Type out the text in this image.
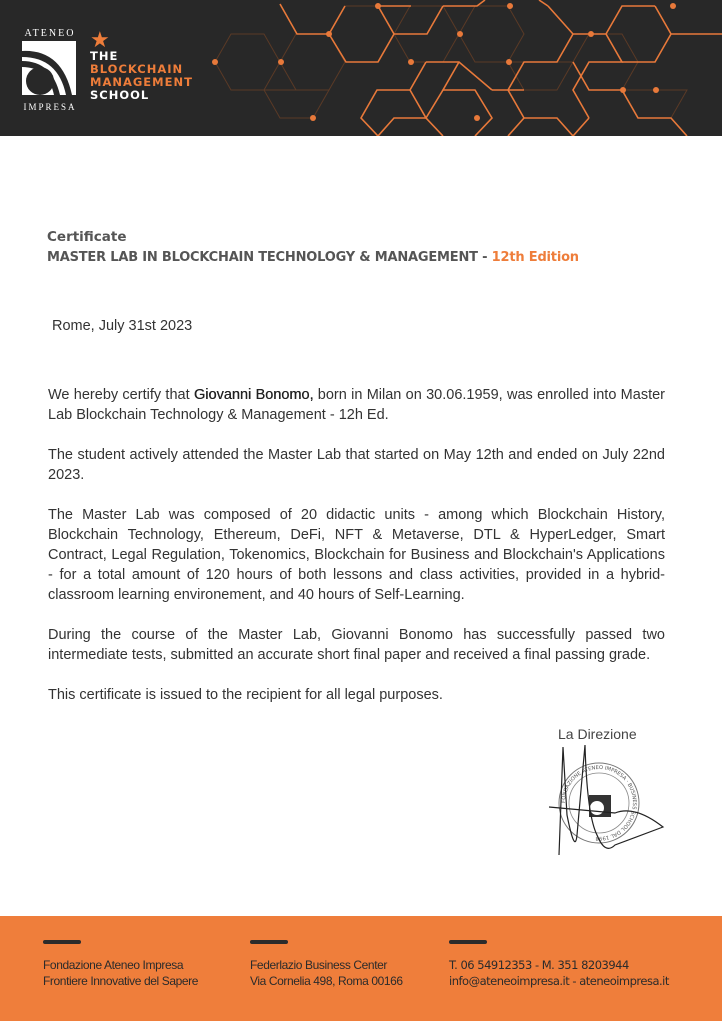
ATENEO
IMPRESA
★
THE
BLOCKCHAIN
MANAGEMENT
SCHOOL
Certificate
MASTER LAB IN BLOCKCHAIN TECHNOLOGY & MANAGEMENT - 12th Edition
Rome, July 31st 2023

We hereby certify that Giovanni Bonomo, born in Milan on 30.06.1959, was enrolled into Master Lab Blockchain Technology & Management - 12h Ed.

The student actively attended the Master Lab that started on May 12th and ended on July 22nd 2023.

The Master Lab was composed of 20 didactic units - among which Blockchain History, Blockchain Technology, Ethereum, DeFi, NFT & Metaverse, DTL & HyperLedger, Smart Contract, Legal Regulation, Tokenomics, Blockchain for Business and Blockchain's Applications - for a total amount of 120 hours of both lessons and class activities, provided in a hybrid-classroom learning environement, and 40 hours of Self-Learning.

During the course of the Master Lab, Giovanni Bonomo has successfully passed two intermediate tests, submitted an accurate short final paper and received a final passing grade.

This certificate is issued to the recipient for all legal purposes.

La Direzione
FONDAZIONE ATENEO IMPRESA · BUSINESS SCHOOL DAL 1998
Fondazione Ateneo Impresa
Frontiere Innovative del Sapere
Federlazio Business Center
Via Cornelia 498, Roma 00166
T. 06 54912353 - M. 351 8203944
info@ateneoimpresa.it - ateneoimpresa.it
